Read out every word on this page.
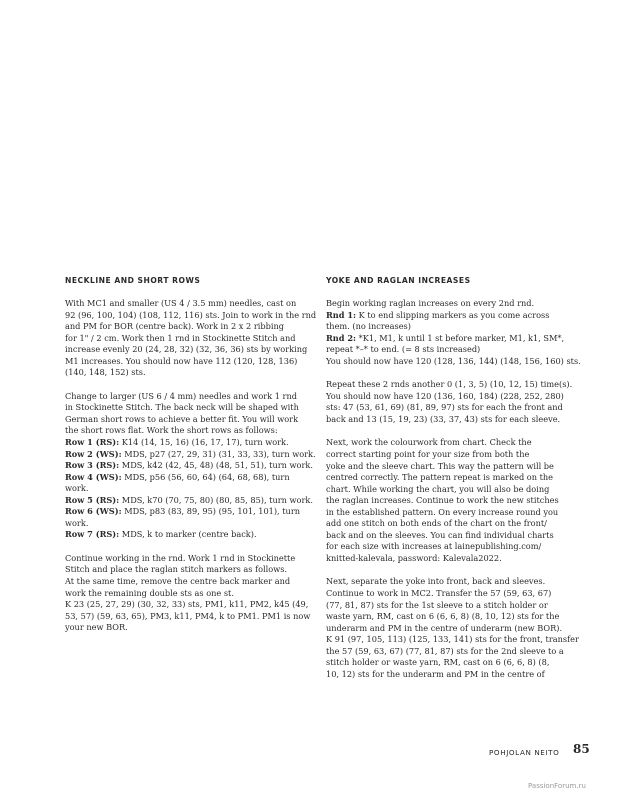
NECKLINE AND SHORT ROWS
With MC1 and smaller (US 4 / 3.5 mm) needles, cast on
92 (96, 100, 104) (108, 112, 116) sts. Join to work in the rnd
and PM for BOR (centre back). Work in 2 x 2 ribbing
for 1" / 2 cm. Work then 1 rnd in Stockinette Stitch and
increase evenly 20 (24, 28, 32) (32, 36, 36) sts by working
M1 increases. You should now have 112 (120, 128, 136)
(140, 148, 152) sts.
Change to larger (US 6 / 4 mm) needles and work 1 rnd
in Stockinette Stitch. The back neck will be shaped with
German short rows to achieve a better fit. You will work
the short rows flat. Work the short rows as follows:
Row 1 (RS): K14 (14, 15, 16) (16, 17, 17), turn work.
Row 2 (WS): MDS, p27 (27, 29, 31) (31, 33, 33), turn work.
Row 3 (RS): MDS, k42 (42, 45, 48) (48, 51, 51), turn work.
Row 4 (WS): MDS, p56 (56, 60, 64) (64, 68, 68), turn
work.
Row 5 (RS): MDS, k70 (70, 75, 80) (80, 85, 85), turn work.
Row 6 (WS): MDS, p83 (83, 89, 95) (95, 101, 101), turn
work.
Row 7 (RS): MDS, k to marker (centre back).
Continue working in the rnd. Work 1 rnd in Stockinette
Stitch and place the raglan stitch markers as follows.
At the same time, remove the centre back marker and
work the remaining double sts as one st.
K 23 (25, 27, 29) (30, 32, 33) sts, PM1, k11, PM2, k45 (49,
53, 57) (59, 63, 65), PM3, k11, PM4, k to PM1. PM1 is now
your new BOR.
YOKE AND RAGLAN INCREASES
Begin working raglan increases on every 2nd rnd.
Rnd 1: K to end slipping markers as you come across
them. (no increases)
Rnd 2: *K1, M1, k until 1 st before marker, M1, k1, SM*,
repeat *–* to end. (= 8 sts increased)
You should now have 120 (128, 136, 144) (148, 156, 160) sts.
Repeat these 2 rnds another 0 (1, 3, 5) (10, 12, 15) time(s).
You should now have 120 (136, 160, 184) (228, 252, 280)
sts: 47 (53, 61, 69) (81, 89, 97) sts for each the front and
back and 13 (15, 19, 23) (33, 37, 43) sts for each sleeve.
Next, work the colourwork from chart. Check the
correct starting point for your size from both the
yoke and the sleeve chart. This way the pattern will be
centred correctly. The pattern repeat is marked on the
chart. While working the chart, you will also be doing
the raglan increases. Continue to work the new stitches
in the established pattern. On every increase round you
add one stitch on both ends of the chart on the front/
back and on the sleeves. You can find individual charts
for each size with increases at lainepublishing.com/
knitted-kalevala, password: Kalevala2022.
Next, separate the yoke into front, back and sleeves.
Continue to work in MC2. Transfer the 57 (59, 63, 67)
(77, 81, 87) sts for the 1st sleeve to a stitch holder or
waste yarn, RM, cast on 6 (6, 6, 8) (8, 10, 12) sts for the
underarm and PM in the centre of underarm (new BOR).
K 91 (97, 105, 113) (125, 133, 141) sts for the front, transfer
the 57 (59, 63, 67) (77, 81, 87) sts for the 2nd sleeve to a
stitch holder or waste yarn, RM, cast on 6 (6, 6, 8) (8,
10, 12) sts for the underarm and PM in the centre of
POHJOLAN NEITO 85
PassionForum.ru
